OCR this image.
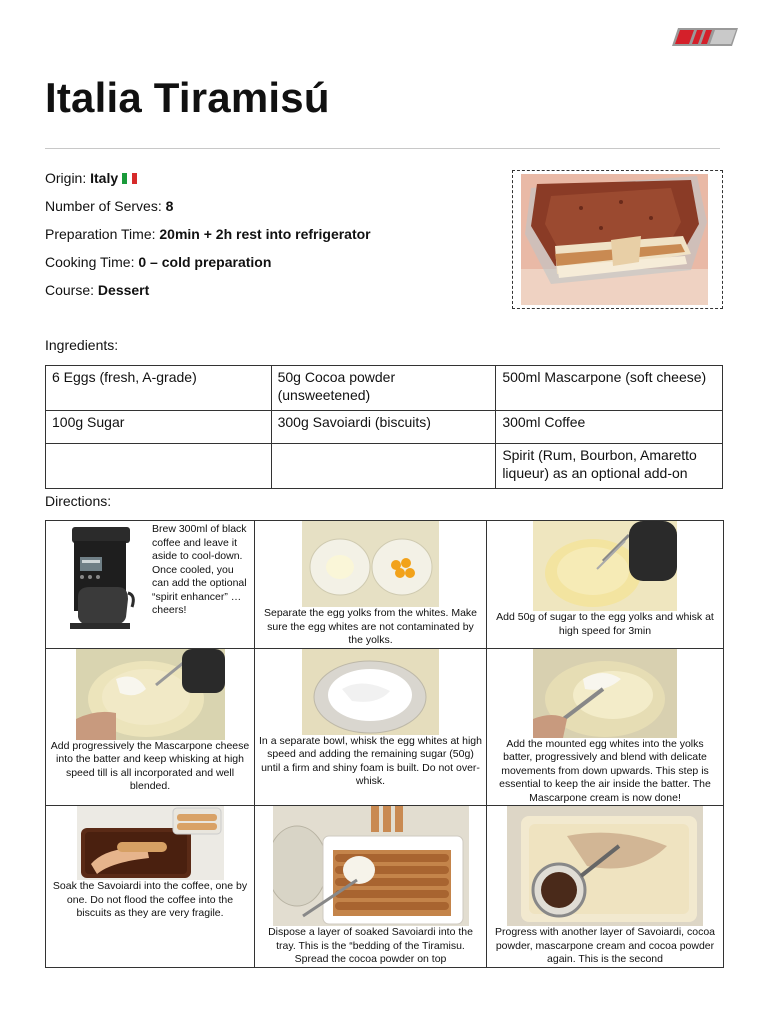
Italia Tiramisú
Origin: Italy
Number of Serves: 8
Preparation Time: 20min + 2h rest into refrigerator
Cooking Time: 0 – cold preparation
Course: Dessert
Ingredients:
6 Eggs (fresh, A-grade)	50g Cocoa powder (unsweetened)	500ml Mascarpone (soft cheese)
100g Sugar	300g Savoiardi (biscuits)	300ml Coffee
		Spirit (Rum, Bourbon, Amaretto liqueur) as an optional add-on
Directions:
Brew 300ml of black coffee and leave it aside to cool-down. Once cooled, you can add the optional “spirit enhancer” …cheers!	Separate the egg yolks from the whites. Make sure the egg whites are not contaminated by the yolks.	Add 50g of sugar to the egg yolks and whisk at high speed for 3min

Add progressively the Mascarpone cheese into the batter and keep whisking at high speed till is all incorporated and well blended.	In a separate bowl, whisk the egg whites at high speed and adding the remaining sugar (50g) until a firm and shiny foam is built. Do not over-whisk.	Add the mounted egg whites into the yolks batter, progressively and blend with delicate movements from down upwards. This step is essential to keep the air inside the batter. The Mascarpone cream is now done!

Soak the Savoiardi into the coffee, one by one. Do not flood the coffee into the biscuits as they are very fragile.	Dispose a layer of soaked Savoiardi into the tray. This is the “bedding of the Tiramisu. Spread the cocoa powder on top	Progress with another layer of Savoiardi, cocoa powder, mascarpone cream and cocoa powder again. This is the second
